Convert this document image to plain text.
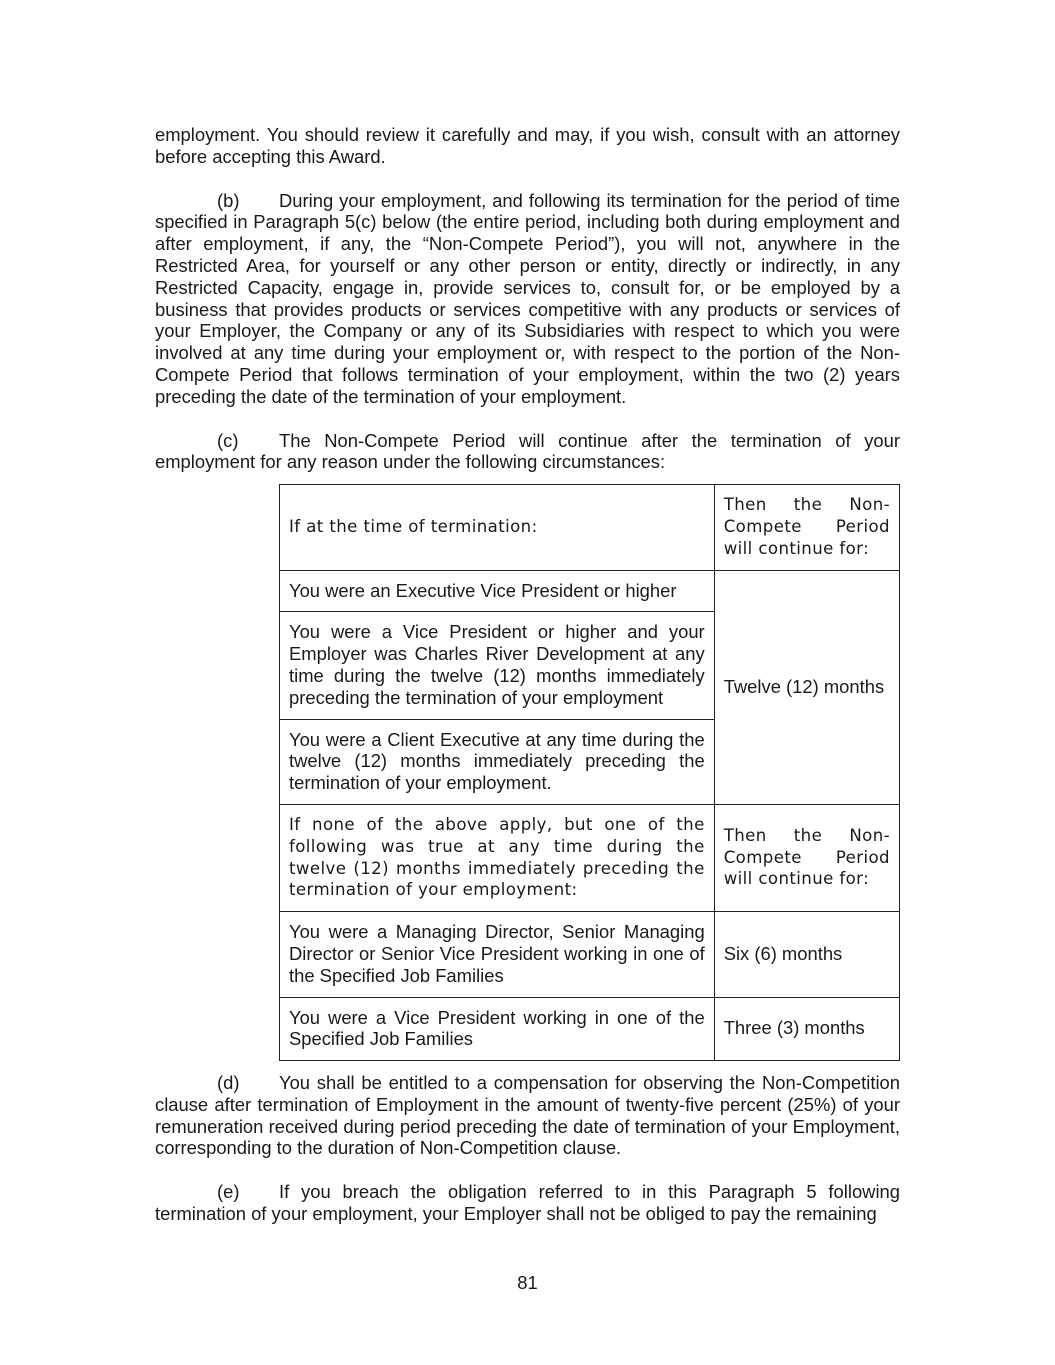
employment. You should review it carefully and may, if you wish, consult with an attorney before accepting this Award.

(b) During your employment, and following its termination for the period of time specified in Paragraph 5(c) below (the entire period, including both during employment and after employment, if any, the “Non-Compete Period”), you will not, anywhere in the Restricted Area, for yourself or any other person or entity, directly or indirectly, in any Restricted Capacity, engage in, provide services to, consult for, or be employed by a business that provides products or services competitive with any products or services of your Employer, the Company or any of its Subsidiaries with respect to which you were involved at any time during your employment or, with respect to the portion of the Non-Compete Period that follows termination of your employment, within the two (2) years preceding the date of the termination of your employment.

(c) The Non-Compete Period will continue after the termination of your employment for any reason under the following circumstances:

If at the time of termination:	Then the Non-Compete Period will continue for:
You were an Executive Vice President or higher	Twelve (12) months
You were a Vice President or higher and your Employer was Charles River Development at any time during the twelve (12) months immediately preceding the termination of your employment	
You were a Client Executive at any time during the twelve (12) months immediately preceding the termination of your employment.	
If none of the above apply, but one of the following was true at any time during the twelve (12) months immediately preceding the termination of your employment:	Then the Non-Compete Period will continue for:
You were a Managing Director, Senior Managing Director or Senior Vice President working in one of the Specified Job Families	Six (6) months
You were a Vice President working in one of the Specified Job Families	Three (3) months

(d) You shall be entitled to a compensation for observing the Non-Competition clause after termination of Employment in the amount of twenty-five percent (25%) of your remuneration received during period preceding the date of termination of your Employment, corresponding to the duration of Non-Competition clause.

(e) If you breach the obligation referred to in this Paragraph 5 following termination of your employment, your Employer shall not be obliged to pay the remaining

81
